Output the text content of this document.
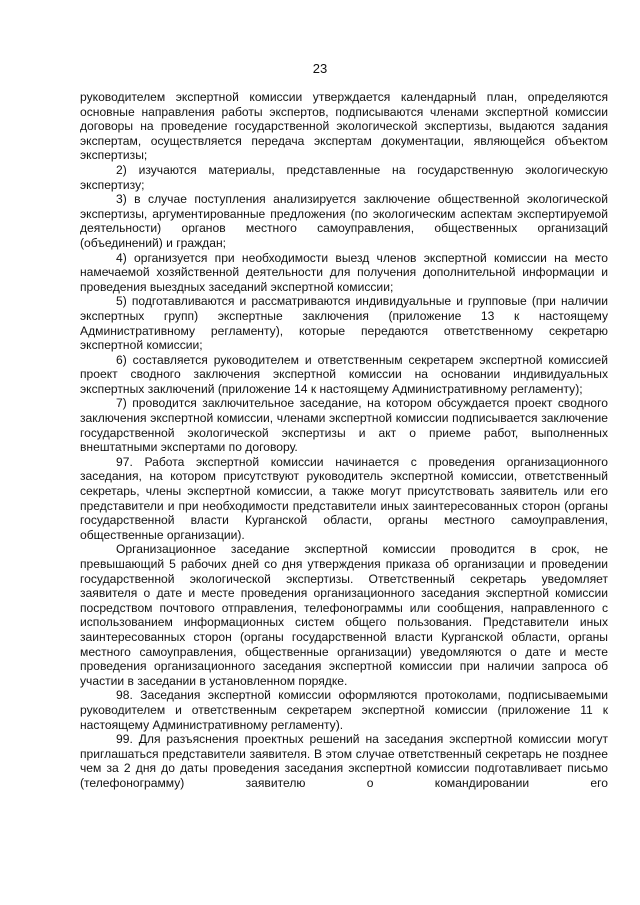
23

руководителем экспертной комиссии утверждается календарный план, определяются основные направления работы экспертов, подписываются членами экспертной комиссии договоры на проведение государственной экологической экспертизы, выдаются задания экспертам, осуществляется передача экспертам документации, являющейся объектом экспертизы;

2) изучаются материалы, представленные на государственную экологическую экспертизу;

3) в случае поступления анализируется заключение общественной экологической экспертизы, аргументированные предложения (по экологическим аспектам экспертируемой деятельности) органов местного самоуправления, общественных организаций (объединений) и граждан;

4) организуется при необходимости выезд членов экспертной комиссии на место намечаемой хозяйственной деятельности для получения дополнительной информации и проведения выездных заседаний экспертной комиссии;

5) подготавливаются и рассматриваются индивидуальные и групповые (при наличии экспертных групп) экспертные заключения (приложение 13 к настоящему Административному регламенту), которые передаются ответственному секретарю экспертной комиссии;

6) составляется руководителем и ответственным секретарем экспертной комиссией проект сводного заключения экспертной комиссии на основании индивидуальных экспертных заключений (приложение 14 к настоящему Административному регламенту);

7) проводится заключительное заседание, на котором обсуждается проект сводного заключения экспертной комиссии, членами экспертной комиссии подписывается заключение государственной экологической экспертизы и акт о приеме работ, выполненных внештатными экспертами по договору.

97. Работа экспертной комиссии начинается с проведения организационного заседания, на котором присутствуют руководитель экспертной комиссии, ответственный секретарь, члены экспертной комиссии, а также могут присутствовать заявитель или его представители и при необходимости представители иных заинтересованных сторон (органы государственной власти Курганской области, органы местного самоуправления, общественные организации).

Организационное заседание экспертной комиссии проводится в срок, не превышающий 5 рабочих дней со дня утверждения приказа об организации и проведении государственной экологической экспертизы. Ответственный секретарь уведомляет заявителя о дате и месте проведения организационного заседания экспертной комиссии посредством почтового отправления, телефонограммы или сообщения, направленного с использованием информационных систем общего пользования. Представители иных заинтересованных сторон (органы государственной власти Курганской области, органы местного самоуправления, общественные организации) уведомляются о дате и месте проведения организационного заседания экспертной комиссии при наличии запроса об участии в заседании в установленном порядке.

98. Заседания экспертной комиссии оформляются протоколами, подписываемыми руководителем и ответственным секретарем экспертной комиссии (приложение 11 к настоящему Административному регламенту).

99. Для разъяснения проектных решений на заседания экспертной комиссии могут приглашаться представители заявителя. В этом случае ответственный секретарь не позднее чем за 2 дня до даты проведения заседания экспертной комиссии подготавливает письмо (телефонограмму) заявителю о командировании его
